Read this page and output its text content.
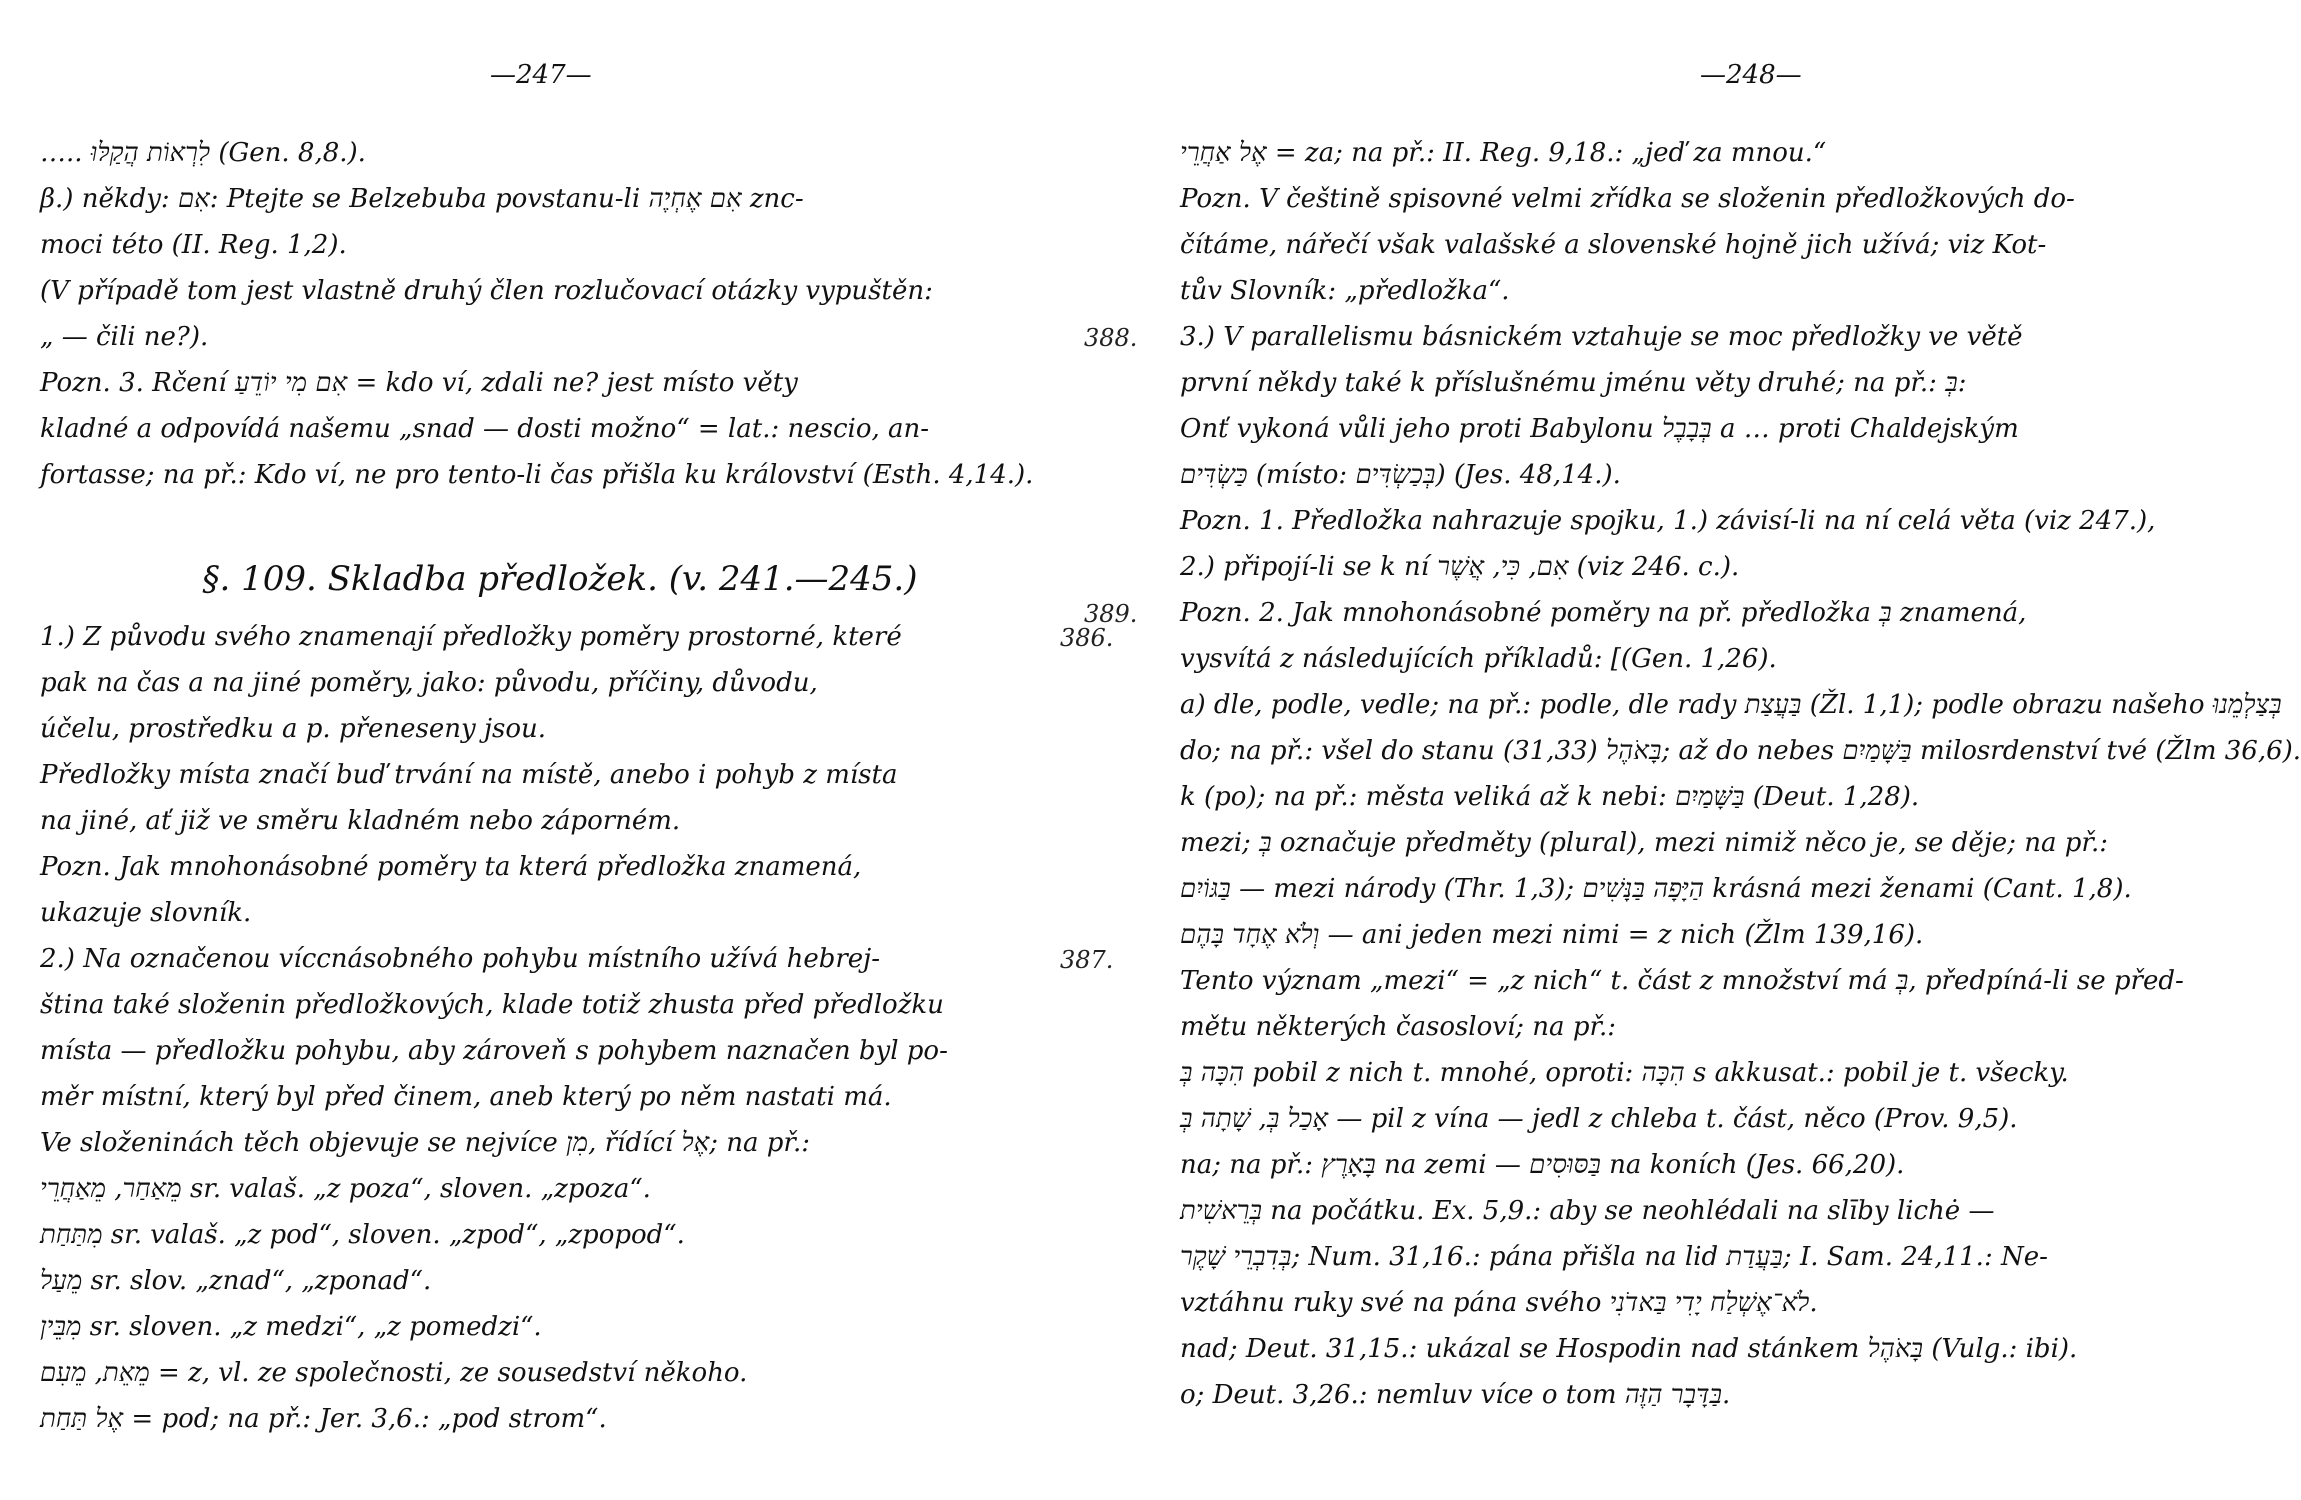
—247—
….. לִרְאוֹת הֲקַלּוּ (Gen. 8,8.).
β.) někdy: אִם: Ptejte se Belzebuba povstanu-li אִם אֶחְיֶה znc-
moci této (II. Reg. 1,2).
(V případě tom jest vlastně druhý člen rozlučovací otázky vypuštěn:
„ — čili ne?).
Pozn. 3. Rčení אִם מִי יוֹדֵעַ = kdo ví, zdali ne? jest místo věty
kladné a odpovídá našemu „snad — dosti možno“ = lat.: nescio, an-
fortasse; na př.: Kdo ví, ne pro tento-li čas přišla ku království (Esth. 4,14.).
§. 109. Skladba předložek. (v. 241.—245.)
1.) Z původu svého znamenají předložky poměry prostorné, které
pak na čas a na jiné poměry, jako: původu, příčiny, důvodu,
účelu, prostředku a p. přeneseny jsou.
Předložky místa značí buď trvání na místě, anebo i pohyb z místa
na jiné, ať již ve směru kladném nebo záporném.
Pozn. Jak mnohonásobné poměry ta která předložka znamená,
ukazuje slovník.
2.) Na označenou víccnásobného pohybu místního užívá hebrej-
ština také složenin předložkových, klade totiž zhusta před předložku
místa — předložku pohybu, aby zároveň s pohybem naznačen byl po-
měr místní, který byl před činem, aneb který po něm nastati má.
Ve složeninách těch objevuje se nejvíce מִן, řídící אֶל; na př.:
מֵאַחַר, מֵאַחֲרֵי sr. valaš. „z poza“, sloven. „zpoza“.
מִתַּחַת sr. valaš. „z pod“, sloven. „zpod“, „zpopod“.
מֵעַל sr. slov. „znad“, „zponad“.
מִבֵּין sr. sloven. „z medzi“, „z pomedzi“.
מֵאֵת, מֵעִם = z, vl. ze společnosti, ze sousedství někoho.
אֶל תַּחַת = pod; na př.: Jer. 3,6.: „pod strom“.
386.
387.
—248—
אֶל אַחֲרֵי = za; na př.: II. Reg. 9,18.: „jeď za mnou.“
Pozn. V češtině spisovné velmi zřídka se složenin předložkových do-
čítáme, nářečí však valašské a slovenské hojně jich užívá; viz Kot-
tův Slovník: „předložka“.
3.) V parallelismu básnickém vztahuje se moc předložky ve větě
první někdy také k příslušnému jménu věty druhé; na př.: בְּ:
Onť vykoná vůli jeho proti Babylonu בְּבָבֶל a … proti Chaldejským
כַּשְׂדִּים (místo: בְּכַשְׂדִּים) (Jes. 48,14.).
Pozn. 1. Předložka nahrazuje spojku, 1.) závisí-li na ní celá věta (viz 247.),
2.) připojí-li se k ní אִם, כִּי, אֲשֶׁר (viz 246. c.).
Pozn. 2. Jak mnohonásobné poměry na př. předložka בְּ znamená,
vysvítá z následujících příkladů: [(Gen. 1,26).
a) dle, podle, vedle; na př.: podle, dle rady בַּעֲצַת (Žl. 1,1); podle obrazu našeho בְּצַלְמֵנוּ
do; na př.: všel do stanu בָּאֹהֶל (31,33); až do nebes בַּשָּׁמַיִם milosrdenství tvé (Žlm 36,6).
k (po); na př.: města veliká až k nebi: בַּשָּׁמַיִם (Deut. 1,28).
mezi; בְּ označuje předměty (plural), mezi nimiž něco je, se děje; na př.:
בַּגּוֹיִם — mezi národy (Thr. 1,3); הַיָּפָה בַּנָּשִׁים krásná mezi ženami (Cant. 1,8).
וְלֹא אֶחָד בָּהֶם — ani jeden mezi nimi = z nich (Žlm 139,16).
Tento význam „mezi“ = „z nich“ t. část z množství má בְּ, předpíná-li se před-
mětu některých časosloví; na př.:
הִכָּה בְּ pobil z nich t. mnohé, oproti: הִכָּה s akkusat.: pobil je t. všecky.
אָכַל בְּ, שָׁתָה בְּ — pil z vína — jedl z chleba t. část, něco (Prov. 9,5).
na; na př.: בָּאָרֶץ na zemi — בַּסּוּסִים na koních (Jes. 66,20).
בְּרֵאשִׁית na počátku. Ex. 5,9.: aby se neohlédali na slīby lichė —
בְּדִבְרֵי שָׁקֶר; Num. 31,16.: pána přišla na lid בַּעֲדַת; I. Sam. 24,11.: Ne-
vztáhnu ruky své na pána svého לֹא־אֶשְׁלַח יָדִי בַּאדֹנִי.
nad; Deut. 31,15.: ukázal se Hospodin nad stánkem בָּאֹהֶל (Vulg.: ibi).
o; Deut. 3,26.: nemluv více o tom בַּדָּבָר הַזֶּה.
388.
389.
